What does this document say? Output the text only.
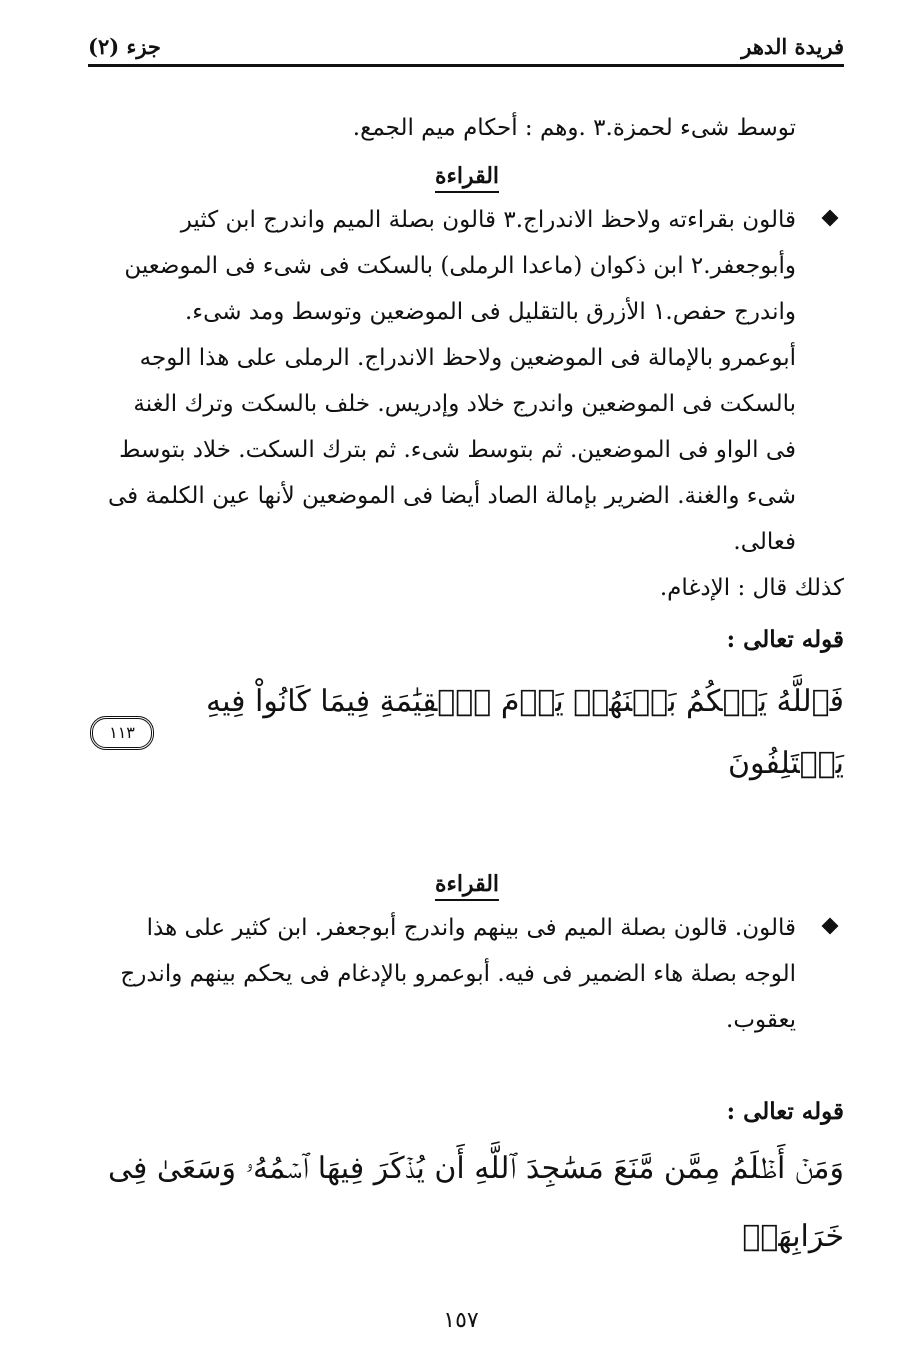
فريدة الدهر
جزء (٢)

توسط شىء لحمزة.٣ .وهم : أحكام ميم الجمع.

القراءة

قالون بقراءته ولاحظ الاندراج.٣ قالون بصلة الميم واندرج ابن كثير

وأبوجعفر.٢ ابن ذكوان (ماعدا الرملى) بالسكت فى شىء فى الموضعين

واندرج حفص.١ الأزرق بالتقليل فى الموضعين وتوسط ومد شىء.

أبوعمرو بالإمالة فى الموضعين ولاحظ الاندراج. الرملى على هذا الوجه

بالسكت فى الموضعين واندرج خلاد وإدريس. خلف بالسكت وترك الغنة

فى الواو فى الموضعين. ثم بتوسط شىء. ثم بترك السكت. خلاد بتوسط

شىء والغنة. الضرير بإمالة الصاد أيضا فى الموضعين لأنها عين الكلمة فى

فعالى.

كذلك قال : الإدغام.

قوله تعالى :

فَٱللَّهُ يَحۡكُمُ بَيۡنَهُمۡ يَوۡمَ ٱلۡقِيَٰمَةِ فِيمَا كَانُواْ فِيهِ يَخۡتَلِفُونَ
١١٣
القراءة

قالون. قالون بصلة الميم فى بينهم واندرج أبوجعفر. ابن كثير على هذا

الوجه بصلة هاء الضمير فى فيه. أبوعمرو بالإدغام فى يحكم بينهم واندرج

يعقوب.

قوله تعالى :

وَمَنۡ أَظۡلَمُ مِمَّن مَّنَعَ مَسَٰجِدَ ٱللَّهِ أَن يُذۡكَرَ فِيهَا ٱسۡمُهُۥ وَسَعَىٰ فِى

خَرَابِهَآۚ

١٥٧
